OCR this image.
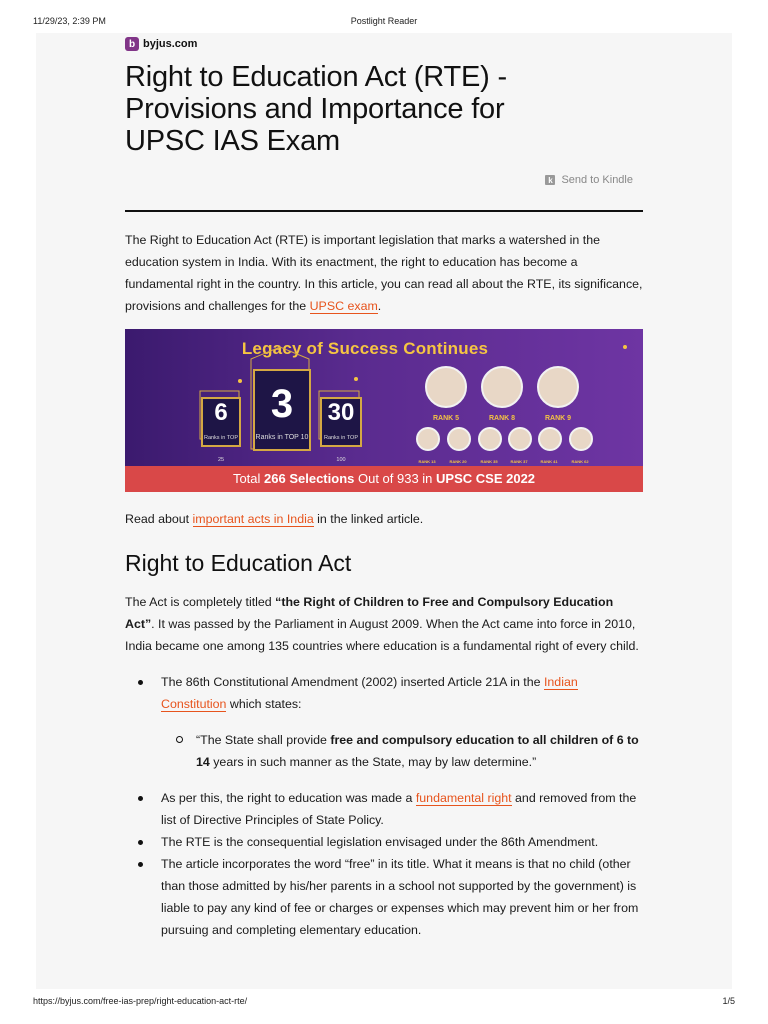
11/29/23, 2:39 PM	Postlight Reader
b byjus.com
Right to Education Act (RTE) -
Provisions and Importance for
UPSC IAS Exam
k Send to Kindle

The Right to Education Act (RTE) is important legislation that marks a watershed in the education system in India. With its enactment, the right to education has become a fundamental right in the country. In this article, you can read all about the RTE, its significance, provisions and challenges for the UPSC exam.

Legacy of Success Continues
6
Ranks in TOP 25
3
Ranks in TOP 10
30
Ranks in TOP 100
RANK 5	RANK 8	RANK 9
RANK 13	RANK 20	RANK 35	RANK 37	RANK 41	RANK 62
Total 266 Selections Out of 933 in UPSC CSE 2022

Read about important acts in India in the linked article.

Right to Education Act

The Act is completely titled “the Right of Children to Free and Compulsory Education Act”. It was passed by the Parliament in August 2009. When the Act came into force in 2010, India became one among 135 countries where education is a fundamental right of every child.

The 86th Constitutional Amendment (2002) inserted Article 21A in the Indian Constitution which states:
“The State shall provide free and compulsory education to all children of 6 to 14 years in such manner as the State, may by law determine.”
As per this, the right to education was made a fundamental right and removed from the list of Directive Principles of State Policy.
The RTE is the consequential legislation envisaged under the 86th Amendment.
The article incorporates the word “free” in its title. What it means is that no child (other than those admitted by his/her parents in a school not supported by the government) is liable to pay any kind of fee or charges or expenses which may prevent him or her from pursuing and completing elementary education.
https://byjus.com/free-ias-prep/right-education-act-rte/	1/5
